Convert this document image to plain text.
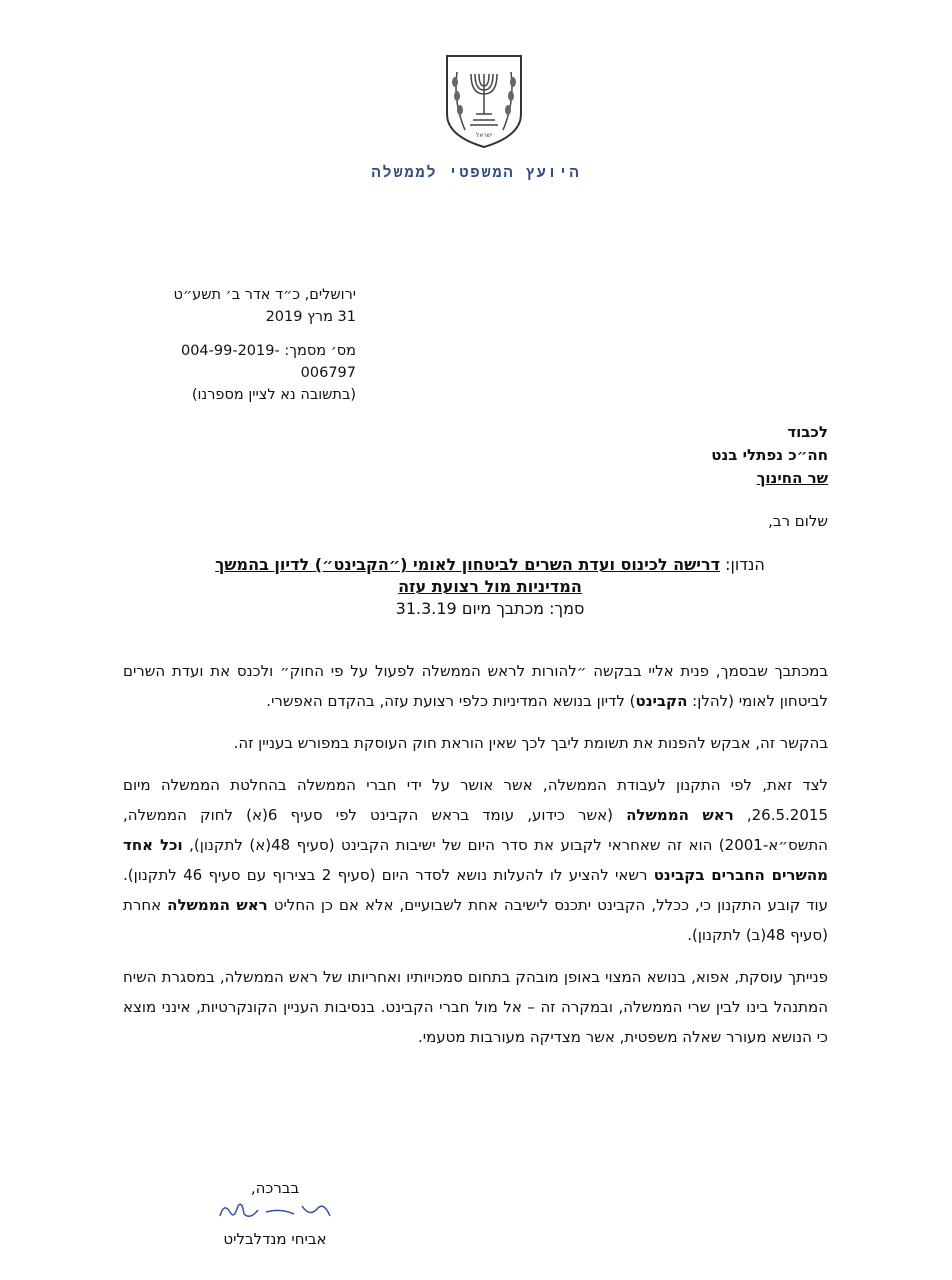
ישראל
היועץ המשפטי לממשלה
ירושלים, כ״ד אדר ב׳ תשע״ט
31 מרץ 2019
מס׳ מסמך: 004-99-2019-006797
(בתשובה נא לציין מספרנו)
לכבוד
חה״כ נפתלי בנט
שר החינוך
שלום רב,
הנדון: דרישה לכינוס ועדת השרים לביטחון לאומי (״הקבינט״) לדיון בהמשך
המדיניות מול רצועת עזה
סמך: מכתבך מיום 31.3.19

במכתבך שבסמך, פנית אליי בבקשה ״להורות לראש הממשלה לפעול על פי החוק״ ולכנס את ועדת השרים לביטחון לאומי (להלן: הקבינט) לדיון בנושא המדיניות כלפי רצועת עזה, בהקדם האפשרי.

בהקשר זה, אבקש להפנות את תשומת ליבך לכך שאין הוראת חוק העוסקת במפורש בעניין זה.

לצד זאת, לפי התקנון לעבודת הממשלה, אשר אושר על ידי חברי הממשלה בהחלטת הממשלה מיום 26.5.2015, ראש הממשלה (אשר כידוע, עומד בראש הקבינט לפי סעיף 6(א) לחוק הממשלה, התשס״א-2001) הוא זה שאחראי לקבוע את סדר היום של ישיבות הקבינט (סעיף 48(א) לתקנון), וכל אחד מהשרים החברים בקבינט רשאי להציע לו להעלות נושא לסדר היום (סעיף 2 בצירוף עם סעיף 46 לתקנון). עוד קובע התקנון כי, ככלל, הקבינט יתכנס לישיבה אחת לשבועיים, אלא אם כן החליט ראש הממשלה אחרת (סעיף 48(ב) לתקנון).

פנייתך עוסקת, אפוא, בנושא המצוי באופן מובהק בתחום סמכויותיו ואחריותו של ראש הממשלה, במסגרת השיח המתנהל בינו לבין שרי הממשלה, ובמקרה זה – אל מול חברי הקבינט. בנסיבות העניין הקונקרטיות, אינני מוצא כי הנושא מעורר שאלה משפטית, אשר מצדיקה מעורבות מטעמי.

בברכה,
אביחי מנדלבליט
